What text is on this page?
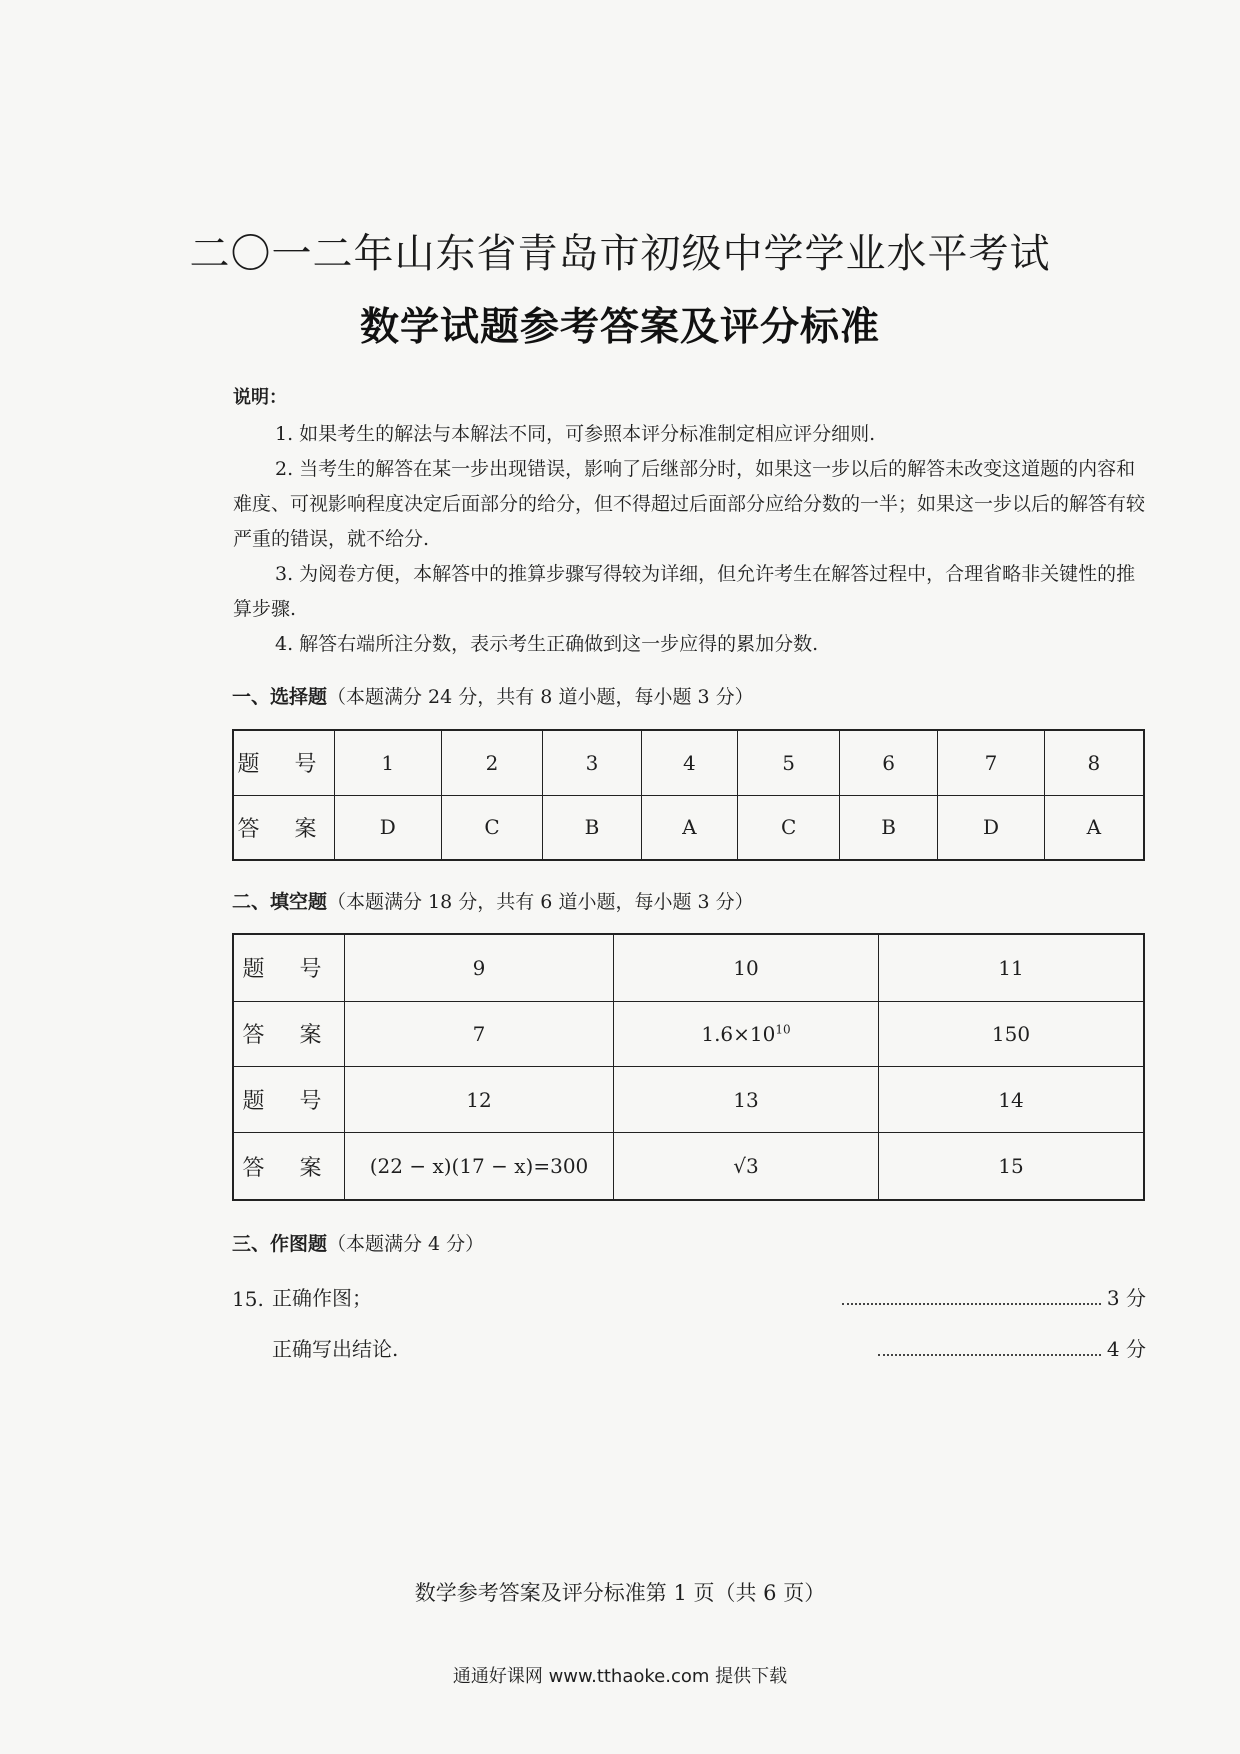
二〇一二年山东省青岛市初级中学学业水平考试
数学试题参考答案及评分标准
说明：

1. 如果考生的解法与本解法不同，可参照本评分标准制定相应评分细则.

2. 当考生的解答在某一步出现错误，影响了后继部分时，如果这一步以后的解答未改变这道题的内容和难度、可视影响程度决定后面部分的给分，但不得超过后面部分应给分数的一半；如果这一步以后的解答有较严重的错误，就不给分.

3. 为阅卷方便，本解答中的推算步骤写得较为详细，但允许考生在解答过程中，合理省略非关键性的推算步骤.

4. 解答右端所注分数，表示考生正确做到这一步应得的累加分数.

一、选择题（本题满分 24 分，共有 8 道小题，每小题 3 分）
题 号	1	2	3	4	5	6	7	8
答 案	D	C	B	A	C	B	D	A
二、填空题（本题满分 18 分，共有 6 道小题，每小题 3 分）
题 号	9	10	11
答 案	7	$1.6\times 10^{10}$	150
题 号	12	13	14
答 案	(22 − x)(17 − x)=300	√3	15
三、作图题（本题满分 4 分）
15. 正确作图；	3 分
正确写出结论.	4 分
数学参考答案及评分标准第 1 页（共 6 页）
通通好课网 www.tthaoke.com 提供下载
